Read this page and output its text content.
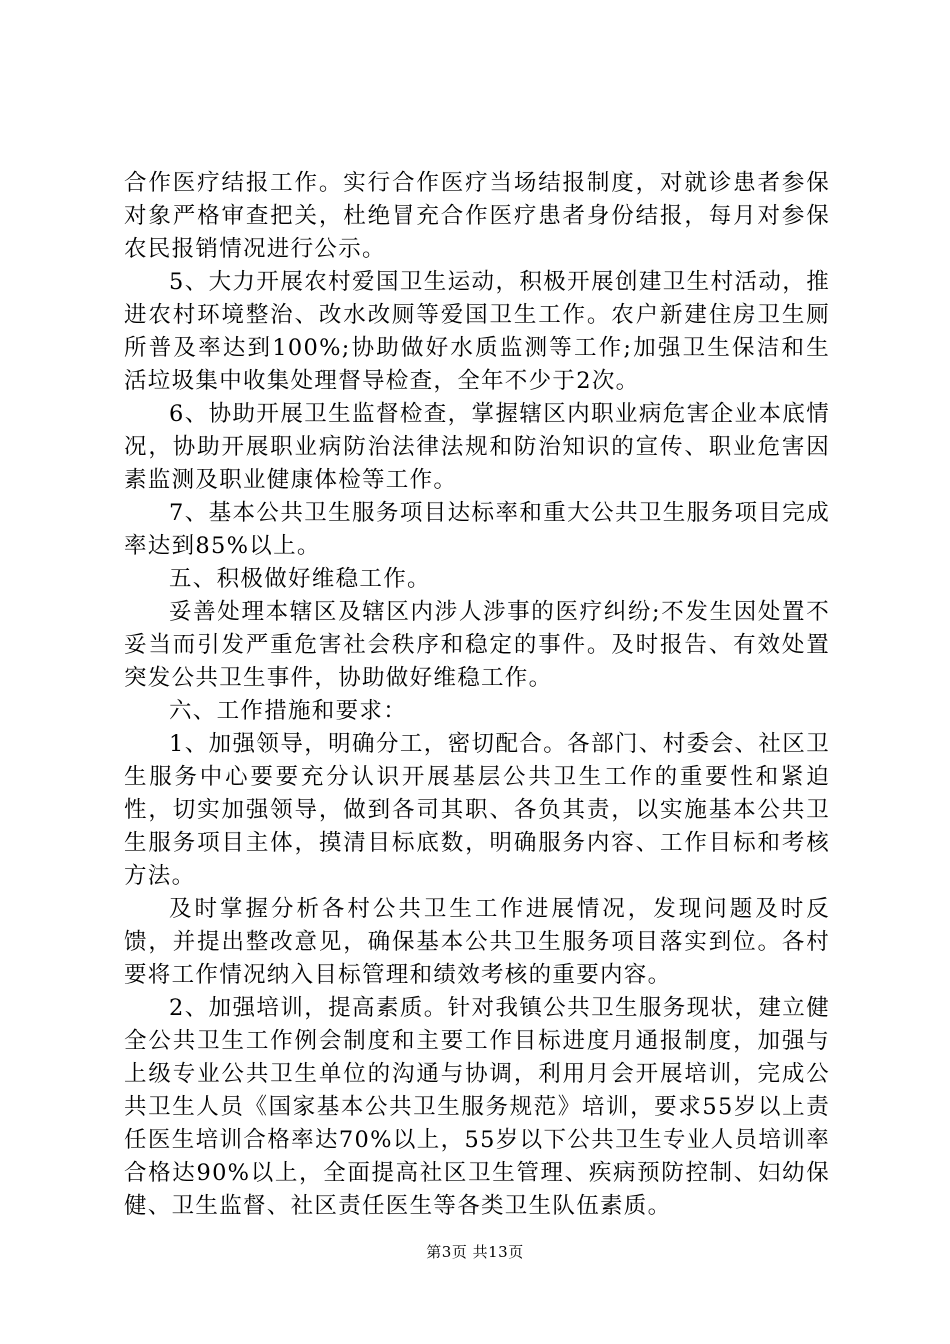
合作医疗结报工作。实行合作医疗当场结报制度，对就诊患者参保对象严格审查把关，杜绝冒充合作医疗患者身份结报，每月对参保农民报销情况进行公示。

5、大力开展农村爱国卫生运动，积极开展创建卫生村活动，推进农村环境整治、改水改厕等爱国卫生工作。农户新建住房卫生厕所普及率达到100%;协助做好水质监测等工作;加强卫生保洁和生活垃圾集中收集处理督导检查，全年不少于2次。

6、协助开展卫生监督检查，掌握辖区内职业病危害企业本底情况，协助开展职业病防治法律法规和防治知识的宣传、职业危害因素监测及职业健康体检等工作。

7、基本公共卫生服务项目达标率和重大公共卫生服务项目完成率达到85%以上。

五、积极做好维稳工作。

妥善处理本辖区及辖区内涉人涉事的医疗纠纷;不发生因处置不妥当而引发严重危害社会秩序和稳定的事件。及时报告、有效处置突发公共卫生事件，协助做好维稳工作。

六、工作措施和要求：

1、加强领导，明确分工，密切配合。各部门、村委会、社区卫生服务中心要要充分认识开展基层公共卫生工作的重要性和紧迫性，切实加强领导，做到各司其职、各负其责，以实施基本公共卫生服务项目主体，摸清目标底数，明确服务内容、工作目标和考核方法。

及时掌握分析各村公共卫生工作进展情况，发现问题及时反馈，并提出整改意见，确保基本公共卫生服务项目落实到位。各村要将工作情况纳入目标管理和绩效考核的重要内容。

2、加强培训，提高素质。针对我镇公共卫生服务现状，建立健全公共卫生工作例会制度和主要工作目标进度月通报制度，加强与上级专业公共卫生单位的沟通与协调，利用月会开展培训，完成公共卫生人员《国家基本公共卫生服务规范》培训，要求55岁以上责任医生培训合格率达70%以上，55岁以下公共卫生专业人员培训率合格达90%以上，全面提高社区卫生管理、疾病预防控制、妇幼保健、卫生监督、社区责任医生等各类卫生队伍素质。

第3页 共13页
